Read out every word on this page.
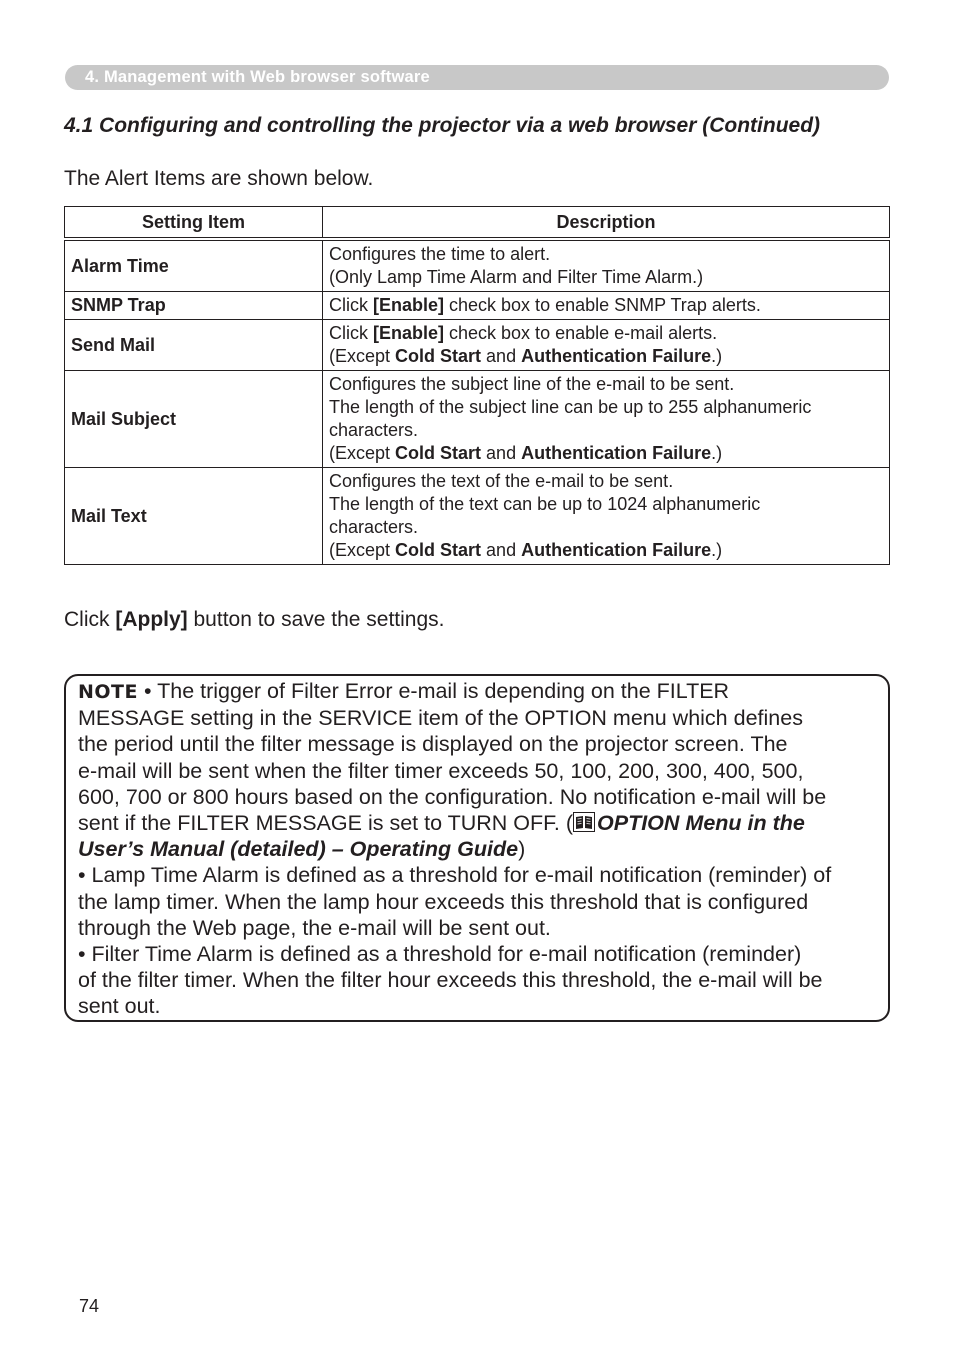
4. Management with Web browser software
4.1 Configuring and controlling the projector via a web browser (Continued)
The Alert Items are shown below.
Setting Item	Description
Alarm Time	Configures the time to alert.
(Only Lamp Time Alarm and Filter Time Alarm.)

SNMP Trap	Click [Enable] check box to enable SNMP Trap alerts.

Send Mail	Click [Enable] check box to enable e-mail alerts.
(Except Cold Start and Authentication Failure.)

Mail Subject	Configures the subject line of the e-mail to be sent.
The length of the subject line can be up to 255 alphanumeric
characters.
(Except Cold Start and Authentication Failure.)

Mail Text	Configures the text of the e-mail to be sent.
The length of the text can be up to 1024 alphanumeric
characters.
(Except Cold Start and Authentication Failure.)
Click [Apply] button to save the settings.
NOTE • The trigger of Filter Error e-mail is depending on the FILTER
MESSAGE setting in the SERVICE item of the OPTION menu which defines
the period until the filter message is displayed on the projector screen. The
e-mail will be sent when the filter timer exceeds 50, 100, 200, 300, 400, 500,
600, 700 or 800 hours based on the configuration. No notification e-mail will be
sent if the FILTER MESSAGE is set to TURN OFF. ( OPTION Menu in the
User’s Manual (detailed) – Operating Guide)
• Lamp Time Alarm is defined as a threshold for e-mail notification (reminder) of
the lamp timer. When the lamp hour exceeds this threshold that is configured
through the Web page, the e-mail will be sent out.
• Filter Time Alarm is defined as a threshold for e-mail notification (reminder)
of the filter timer. When the filter hour exceeds this threshold, the e-mail will be
sent out.
74
